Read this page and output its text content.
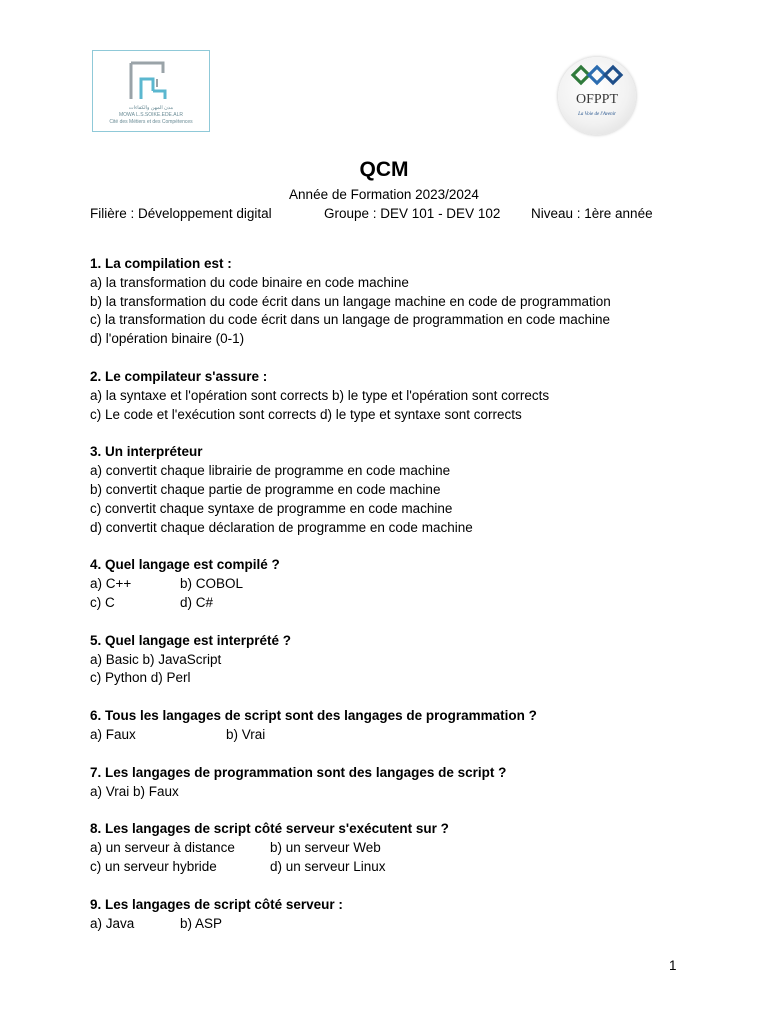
مدن المهن والكفاءات
MOWA L.S.SOIKE.EDE.ALR
Cité des Métiers et des Compétences
OFPPT
La Voie de l'Avenir
QCM
Année de Formation 2023/2024
Filière : Développement digital	Groupe : DEV 101 - DEV 102 Niveau : 1ère année
1. La compilation est :
a) la transformation du code binaire en code machine
b) la transformation du code écrit dans un langage machine en code de programmation
c) la transformation du code écrit dans un langage de programmation en code machine
d) l'opération binaire (0-1)
2. Le compilateur s'assure :
a) la syntaxe et l'opération sont corrects b) le type et l'opération sont corrects
c) Le code et l'exécution sont corrects d) le type et syntaxe sont corrects
3. Un interpréteur
a) convertit chaque librairie de programme en code machine
b) convertit chaque partie de programme en code machine
c) convertit chaque syntaxe de programme en code machine
d) convertit chaque déclaration de programme en code machine
4. Quel langage est compilé ?
a) C++	b) COBOL
c) C	d) C#
5. Quel langage est interprété ?
a) Basic b) JavaScript
c) Python d) Perl
6. Tous les langages de script sont des langages de programmation ?
a) Faux	b) Vrai
7. Les langages de programmation sont des langages de script ?
a) Vrai b) Faux
8. Les langages de script côté serveur s'exécutent sur ?
a) un serveur à distance	b) un serveur Web
c) un serveur hybride	d) un serveur Linux
9. Les langages de script côté serveur :
a) Java	b) ASP
1
